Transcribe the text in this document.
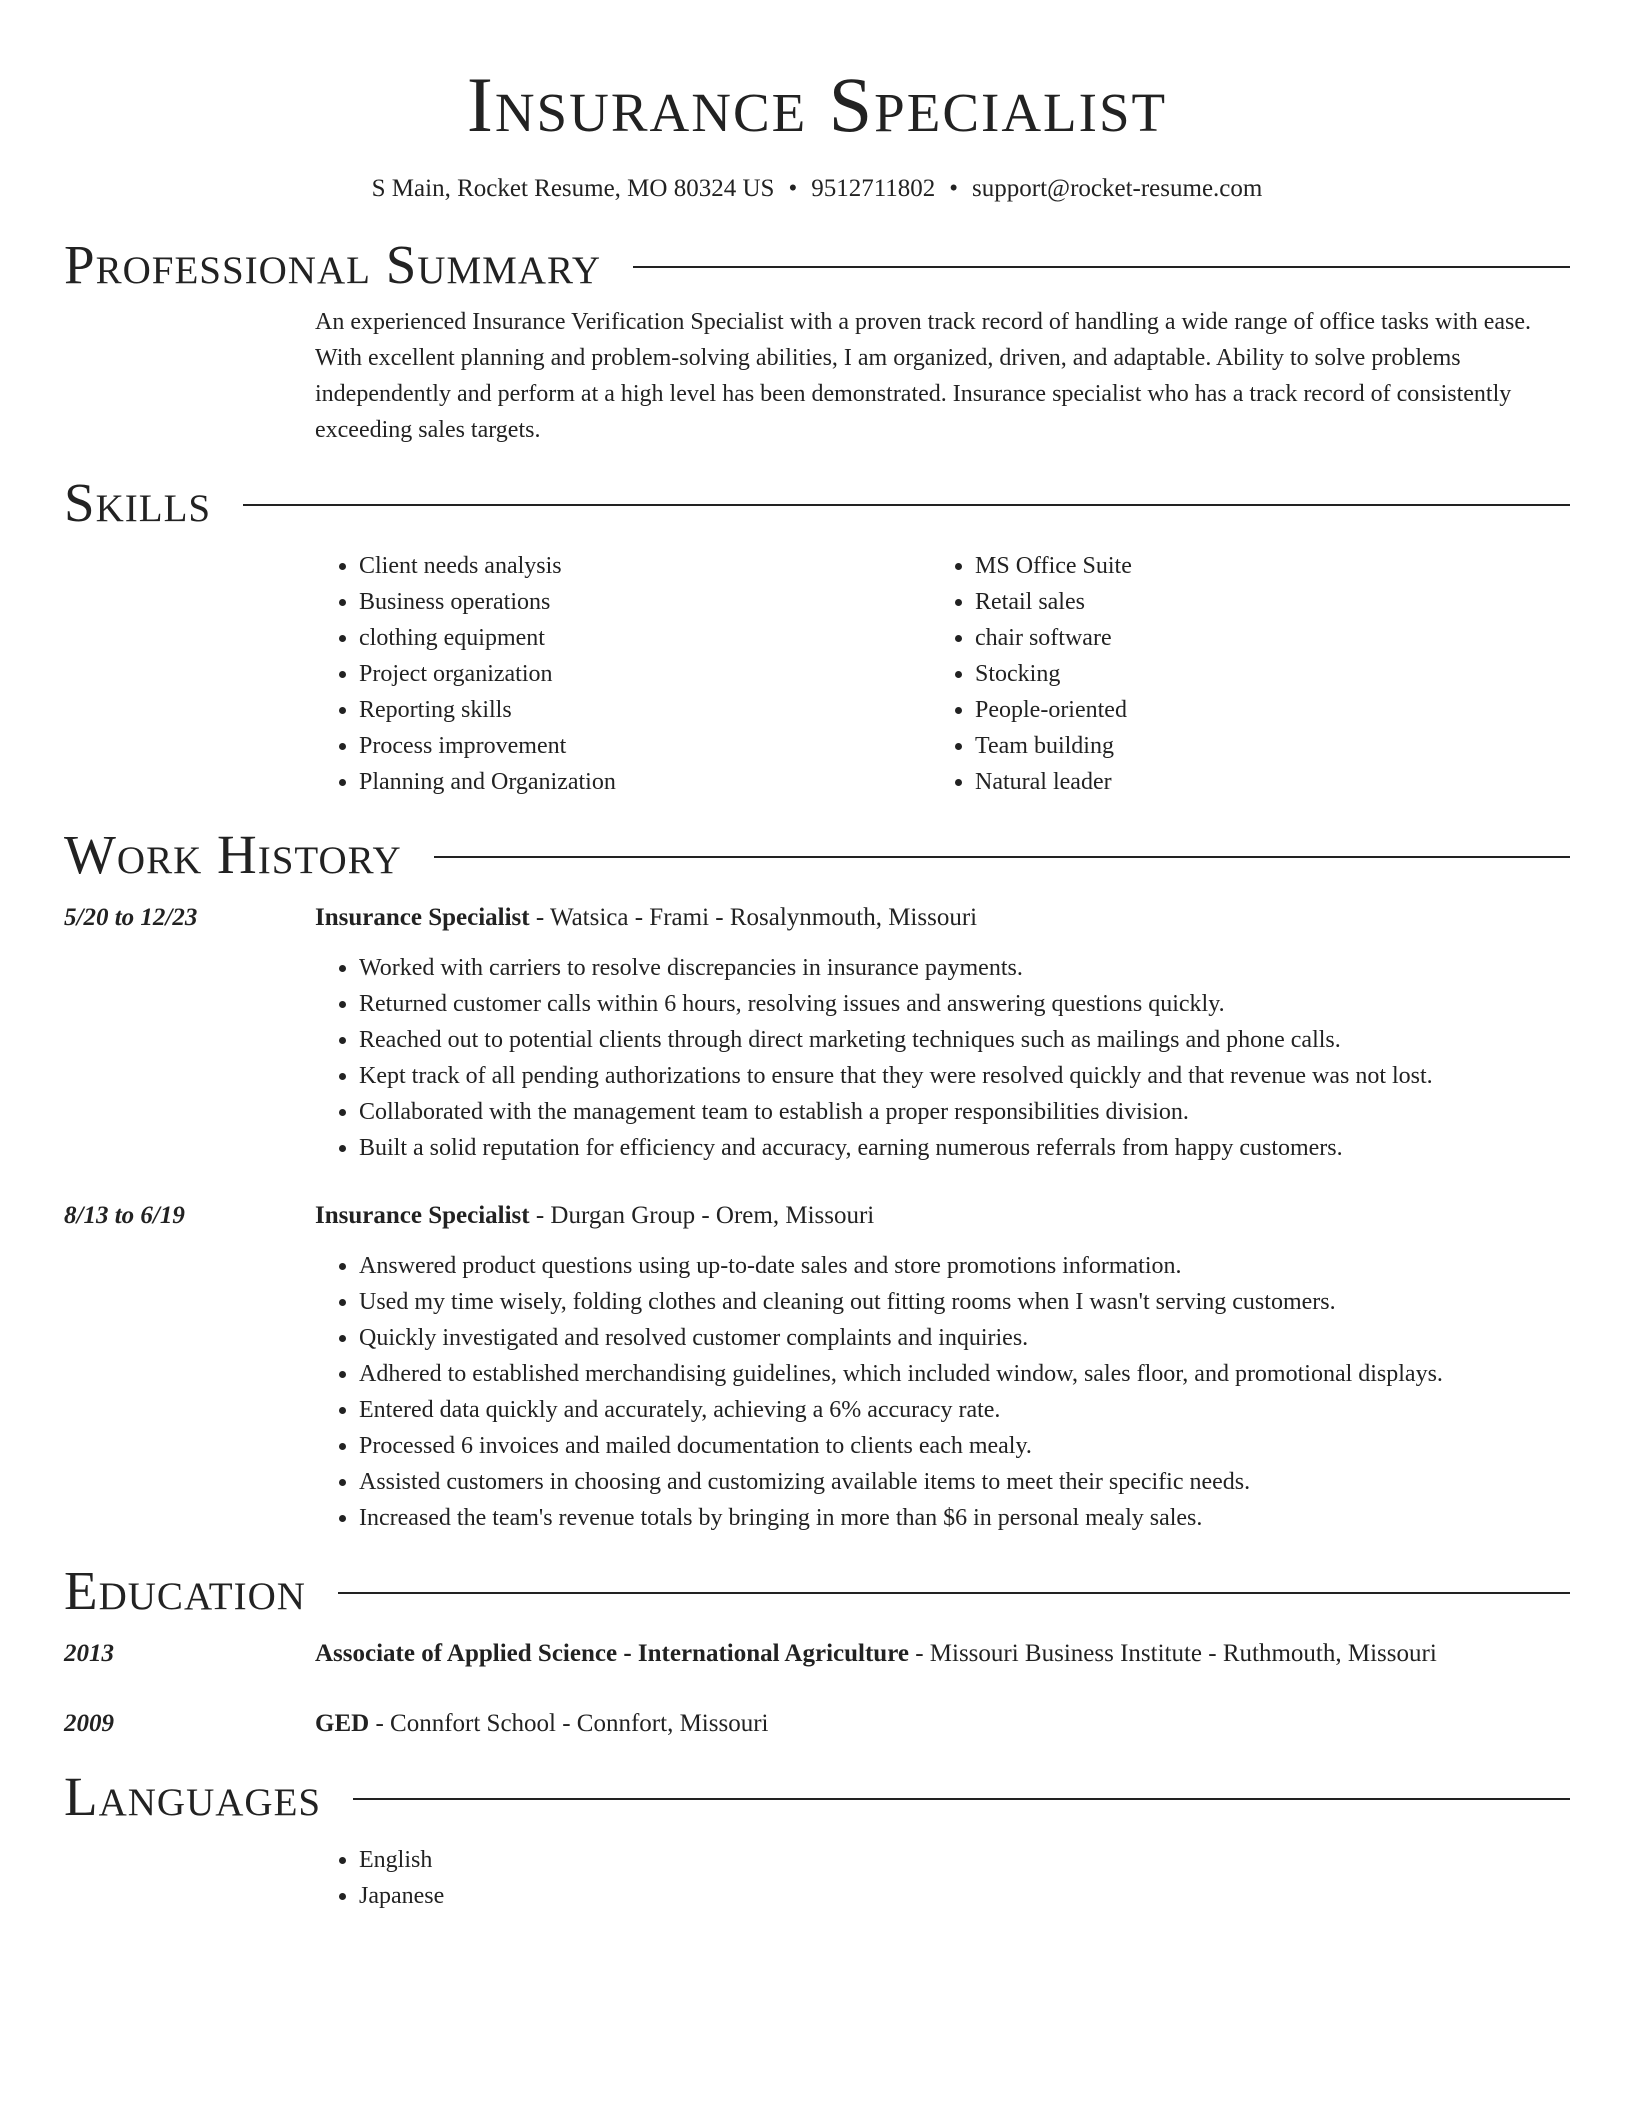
Insurance Specialist
S Main, Rocket Resume, MO 80324 US • 9512711802 • support@rocket-resume.com
Professional Summary
An experienced Insurance Verification Specialist with a proven track record of handling a wide range of office tasks with ease. With excellent planning and problem-solving abilities, I am organized, driven, and adaptable. Ability to solve problems independently and perform at a high level has been demonstrated. Insurance specialist who has a track record of consistently exceeding sales targets.
Skills
• Client needs analysis
• Business operations
• clothing equipment
• Project organization
• Reporting skills
• Process improvement
• Planning and Organization
• MS Office Suite
• Retail sales
• chair software
• Stocking
• People-oriented
• Team building
• Natural leader
Work History
5/20 to 12/23	Insurance Specialist - Watsica - Frami - Rosalynmouth, Missouri
• Worked with carriers to resolve discrepancies in insurance payments.
• Returned customer calls within 6 hours, resolving issues and answering questions quickly.
• Reached out to potential clients through direct marketing techniques such as mailings and phone calls.
• Kept track of all pending authorizations to ensure that they were resolved quickly and that revenue was not lost.
• Collaborated with the management team to establish a proper responsibilities division.
• Built a solid reputation for efficiency and accuracy, earning numerous referrals from happy customers.
8/13 to 6/19	Insurance Specialist - Durgan Group - Orem, Missouri
• Answered product questions using up-to-date sales and store promotions information.
• Used my time wisely, folding clothes and cleaning out fitting rooms when I wasn't serving customers.
• Quickly investigated and resolved customer complaints and inquiries.
• Adhered to established merchandising guidelines, which included window, sales floor, and promotional displays.
• Entered data quickly and accurately, achieving a 6% accuracy rate.
• Processed 6 invoices and mailed documentation to clients each mealy.
• Assisted customers in choosing and customizing available items to meet their specific needs.
• Increased the team's revenue totals by bringing in more than $6 in personal mealy sales.
Education
2013	Associate of Applied Science - International Agriculture - Missouri Business Institute - Ruthmouth, Missouri
2009	GED - Connfort School - Connfort, Missouri
Languages
• English
• Japanese
